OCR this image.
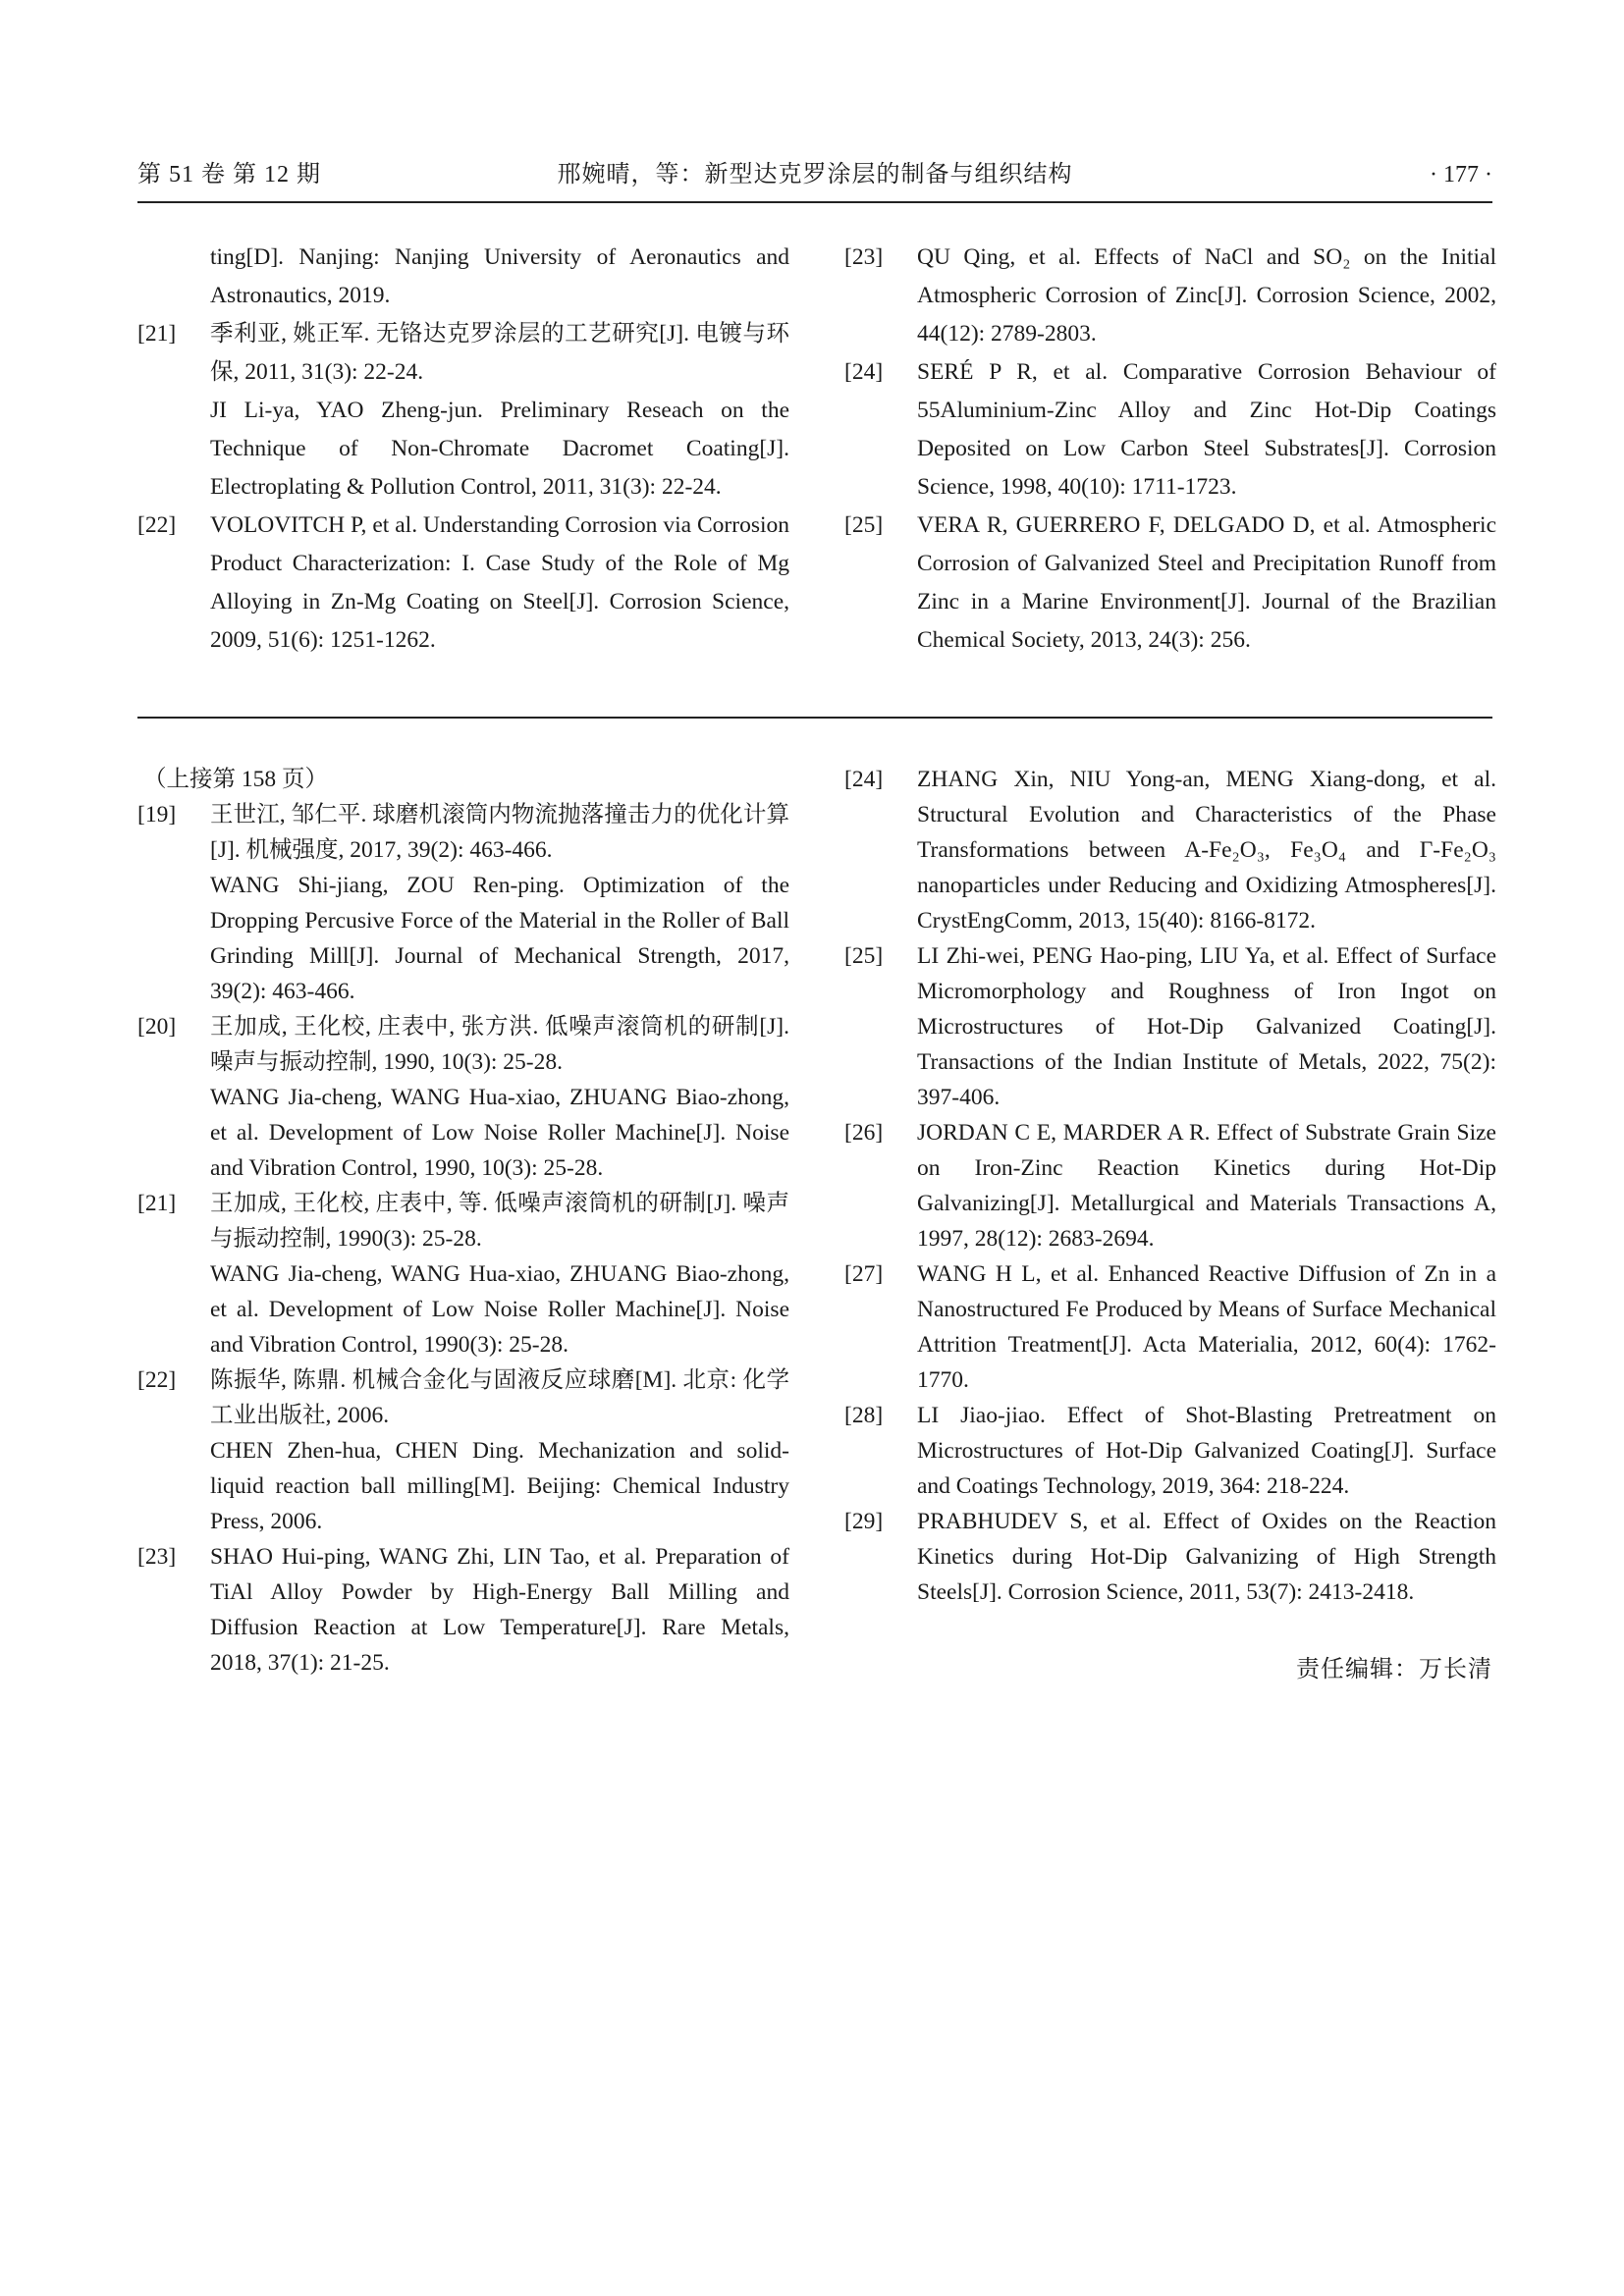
第 51 卷 第 12 期	邢婉晴，等：新型达克罗涂层的制备与组织结构	· 177 ·
ting[D]. Nanjing: Nanjing University of Aeronautics and Astronautics, 2019.
[21]	季利亚, 姚正军. 无铬达克罗涂层的工艺研究[J]. 电镀与环保, 2011, 31(3): 22-24.
JI Li-ya, YAO Zheng-jun. Preliminary Reseach on the Technique of Non-Chromate Dacromet Coating[J]. Electroplating & Pollution Control, 2011, 31(3): 22-24.
[22]	VOLOVITCH P, et al. Understanding Corrosion via Corrosion Product Characterization: I. Case Study of the Role of Mg Alloying in Zn-Mg Coating on Steel[J]. Corrosion Science, 2009, 51(6): 1251-1262.
[23]	QU Qing, et al. Effects of NaCl and SO₂ on the Initial Atmospheric Corrosion of Zinc[J]. Corrosion Science, 2002, 44(12): 2789-2803.
[24]	SERÉ P R, et al. Comparative Corrosion Behaviour of 55Aluminium-Zinc Alloy and Zinc Hot-Dip Coatings Deposited on Low Carbon Steel Substrates[J]. Corrosion Science, 1998, 40(10): 1711-1723.
[25]	VERA R, GUERRERO F, DELGADO D, et al. Atmospheric Corrosion of Galvanized Steel and Precipitation Runoff from Zinc in a Marine Environment[J]. Journal of the Brazilian Chemical Society, 2013, 24(3): 256.
（上接第 158 页）
[19]	王世江, 邹仁平. 球磨机滚筒内物流抛落撞击力的优化计算[J]. 机械强度, 2017, 39(2): 463-466.
WANG Shi-jiang, ZOU Ren-ping. Optimization of the Dropping Percusive Force of the Material in the Roller of Ball Grinding Mill[J]. Journal of Mechanical Strength, 2017, 39(2): 463-466.
[20]	王加成, 王化校, 庄表中, 张方洪. 低噪声滚筒机的研制[J]. 噪声与振动控制, 1990, 10(3): 25-28.
WANG Jia-cheng, WANG Hua-xiao, ZHUANG Biao-zhong, et al. Development of Low Noise Roller Machine[J]. Noise and Vibration Control, 1990, 10(3): 25-28.
[21]	王加成, 王化校, 庄表中, 等. 低噪声滚筒机的研制[J]. 噪声与振动控制, 1990(3): 25-28.
WANG Jia-cheng, WANG Hua-xiao, ZHUANG Biao-zhong, et al. Development of Low Noise Roller Machine[J]. Noise and Vibration Control, 1990(3): 25-28.
[22]	陈振华, 陈鼎. 机械合金化与固液反应球磨[M]. 北京: 化学工业出版社, 2006.
CHEN Zhen-hua, CHEN Ding. Mechanization and solid-liquid reaction ball milling[M]. Beijing: Chemical Industry Press, 2006.
[23]	SHAO Hui-ping, WANG Zhi, LIN Tao, et al. Preparation of TiAl Alloy Powder by High-Energy Ball Milling and Diffusion Reaction at Low Temperature[J]. Rare Metals, 2018, 37(1): 21-25.
[24]	ZHANG Xin, NIU Yong-an, MENG Xiang-dong, et al. Structural Evolution and Characteristics of the Phase Transformations between A-Fe₂O₃, Fe₃O₄ and Γ-Fe₂O₃ nanoparticles under Reducing and Oxidizing Atmospheres[J]. CrystEngComm, 2013, 15(40): 8166-8172.
[25]	LI Zhi-wei, PENG Hao-ping, LIU Ya, et al. Effect of Surface Micromorphology and Roughness of Iron Ingot on Microstructures of Hot-Dip Galvanized Coating[J]. Transactions of the Indian Institute of Metals, 2022, 75(2): 397-406.
[26]	JORDAN C E, MARDER A R. Effect of Substrate Grain Size on Iron-Zinc Reaction Kinetics during Hot-Dip Galvanizing[J]. Metallurgical and Materials Transactions A, 1997, 28(12): 2683-2694.
[27]	WANG H L, et al. Enhanced Reactive Diffusion of Zn in a Nanostructured Fe Produced by Means of Surface Mechanical Attrition Treatment[J]. Acta Materialia, 2012, 60(4): 1762-1770.
[28]	LI Jiao-jiao. Effect of Shot-Blasting Pretreatment on Microstructures of Hot-Dip Galvanized Coating[J]. Surface and Coatings Technology, 2019, 364: 218-224.
[29]	PRABHUDEV S, et al. Effect of Oxides on the Reaction Kinetics during Hot-Dip Galvanizing of High Strength Steels[J]. Corrosion Science, 2011, 53(7): 2413-2418.
责任编辑：万长清
